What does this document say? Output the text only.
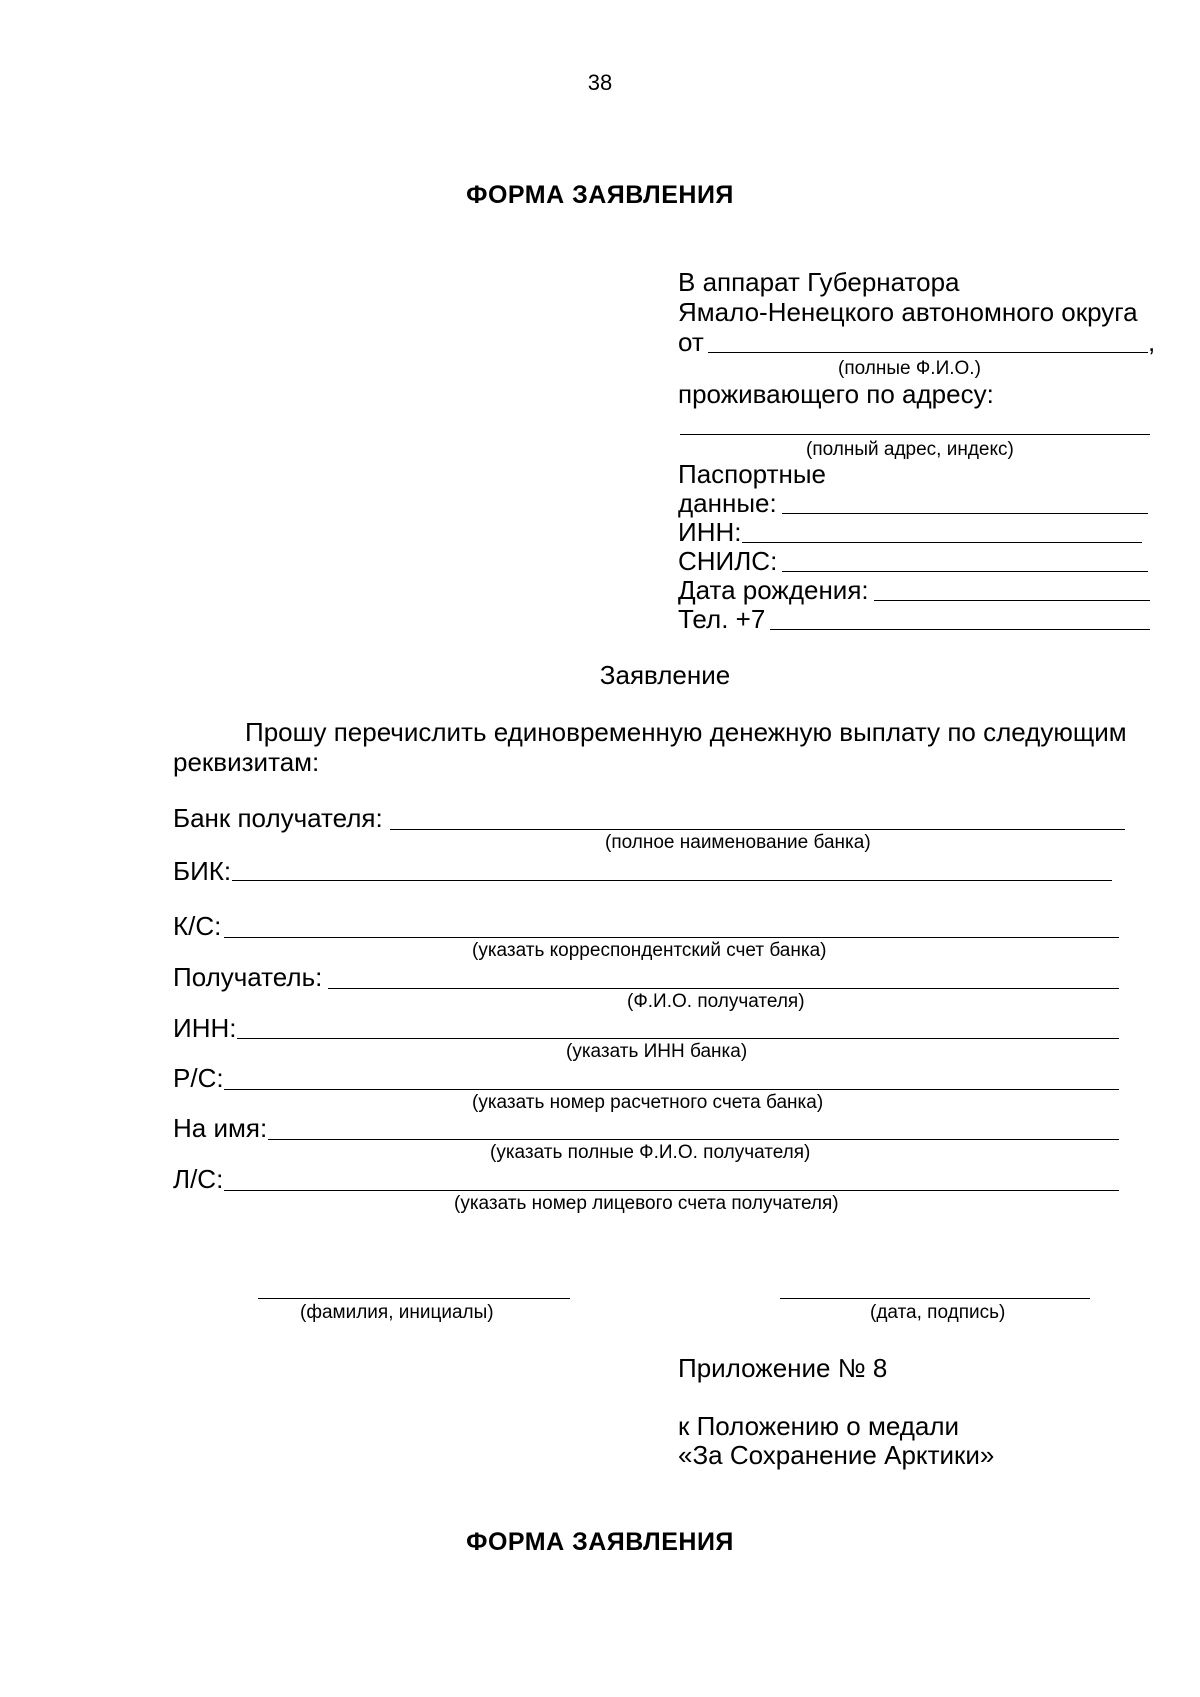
38
ФОРМА ЗАЯВЛЕНИЯ
В аппарат Губернатора
Ямало-Ненецкого автономного округа
от	,
(полные Ф.И.О.)
проживающего по адресу:
(полный адрес, индекс)
Паспортные
данные:
ИНН:
СНИЛС:
Дата рождения:
Тел. +7
Заявление
Прошу перечислить единовременную денежную выплату по следующим
реквизитам:
Банк получателя:
(полное наименование банка)
БИК:
К/С:
(указать корреспондентский счет банка)
Получатель:
(Ф.И.О. получателя)
ИНН:
(указать ИНН банка)
Р/С:
(указать номер расчетного счета банка)
На имя:
(указать полные Ф.И.О. получателя)
Л/С:
(указать номер лицевого счета получателя)
(фамилия, инициалы)	(дата, подпись)
Приложение № 8
к Положению о медали
«За Сохранение Арктики»
ФОРМА ЗАЯВЛЕНИЯ
